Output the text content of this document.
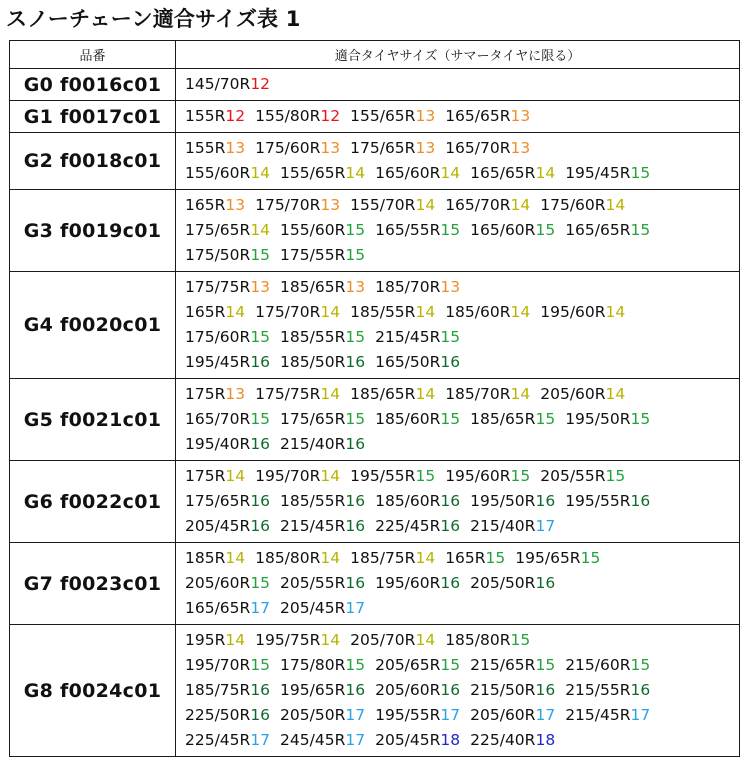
スノーチェーン適合サイズ表 1
品番	適合タイヤサイズ（サマータイヤに限る）
G0 f0016c01	145/70R12

G1 f0017c01	155R12 155/80R12 155/65R13 165/65R13

G2 f0018c01	155R13 175/60R13 175/65R13 165/70R13
155/60R14 155/65R14 165/60R14 165/65R14 195/45R15

G3 f0019c01	165R13 175/70R13 155/70R14 165/70R14 175/60R14
175/65R14 155/60R15 165/55R15 165/60R15 165/65R15
175/50R15 175/55R15

G4 f0020c01	175/75R13 185/65R13 185/70R13
165R14 175/70R14 185/55R14 185/60R14 195/60R14
175/60R15 185/55R15 215/45R15
195/45R16 185/50R16 165/50R16

G5 f0021c01	175R13 175/75R14 185/65R14 185/70R14 205/60R14
165/70R15 175/65R15 185/60R15 185/65R15 195/50R15
195/40R16 215/40R16

G6 f0022c01	175R14 195/70R14 195/55R15 195/60R15 205/55R15
175/65R16 185/55R16 185/60R16 195/50R16 195/55R16
205/45R16 215/45R16 225/45R16 215/40R17

G7 f0023c01	185R14 185/80R14 185/75R14 165R15 195/65R15
205/60R15 205/55R16 195/60R16 205/50R16
165/65R17 205/45R17

G8 f0024c01	195R14 195/75R14 205/70R14 185/80R15
195/70R15 175/80R15 205/65R15 215/65R15 215/60R15
185/75R16 195/65R16 205/60R16 215/50R16 215/55R16
225/50R16 205/50R17 195/55R17 205/60R17 215/45R17
225/45R17 245/45R17 205/45R18 225/40R18
